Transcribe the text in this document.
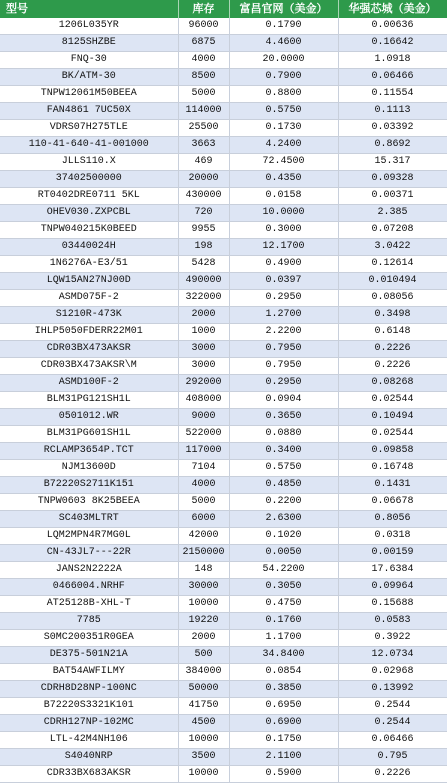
型号	库存	富昌官网（美金）	华强芯城（美金）
1206L035YR	96000	0.1790	0.00636
8125SHZBE	6875	4.4600	0.16642
FNQ-30	4000	20.0000	1.0918
BK/ATM-30	8500	0.7900	0.06466
TNPW12061M50BEEA	5000	0.8800	0.11554
FAN4861 7UC50X	114000	0.5750	0.1113
VDRS07H275TLE	25500	0.1730	0.03392
110-41-640-41-001000	3663	4.2400	0.8692
JLLS110.X	469	72.4500	15.317
37402500000	20000	0.4350	0.09328
RT0402DRE0711 5KL	430000	0.0158	0.00371
OHEV030.ZXPCBL	720	10.0000	2.385
TNPW040215K0BEED	9955	0.3000	0.07208
03440024H	198	12.1700	3.0422
1N6276A-E3/51	5428	0.4900	0.12614
LQW15AN27NJ00D	490000	0.0397	0.010494
ASMD075F-2	322000	0.2950	0.08056
S1210R-473K	2000	1.2700	0.3498
IHLP5050FDERR22M01	1000	2.2200	0.6148
CDR03BX473AKSR	3000	0.7950	0.2226
CDR03BX473AKSR\M	3000	0.7950	0.2226
ASMD100F-2	292000	0.2950	0.08268
BLM31PG121SH1L	408000	0.0904	0.02544
0501012.WR	9000	0.3650	0.10494
BLM31PG601SH1L	522000	0.0880	0.02544
RCLAMP3654P.TCT	117000	0.3400	0.09858
NJM13600D	7104	0.5750	0.16748
B72220S2711K151	4000	0.4850	0.1431
TNPW0603 8K25BEEA	5000	0.2200	0.06678
SC403MLTRT	6000	2.6300	0.8056
LQM2MPN4R7MG0L	42000	0.1020	0.0318
CN-43JL7---22R	2150000	0.0050	0.00159
JANS2N2222A	148	54.2200	17.6384
0466004.NRHF	30000	0.3050	0.09964
AT25128B-XHL-T	10000	0.4750	0.15688
7785	19220	0.1760	0.0583
S0MC200351R0GEA	2000	1.1700	0.3922
DE375-501N21A	500	34.8400	12.0734
BAT54AWFILMY	384000	0.0854	0.02968
CDRH8D28NP-100NC	50000	0.3850	0.13992
B72220S3321K101	41750	0.6950	0.2544
CDRH127NP-102MC	4500	0.6900	0.2544
LTL-42M4NH106	10000	0.1750	0.06466
S4040NRP	3500	2.1100	0.795
CDR33BX683AKSR	10000	0.5900	0.2226
